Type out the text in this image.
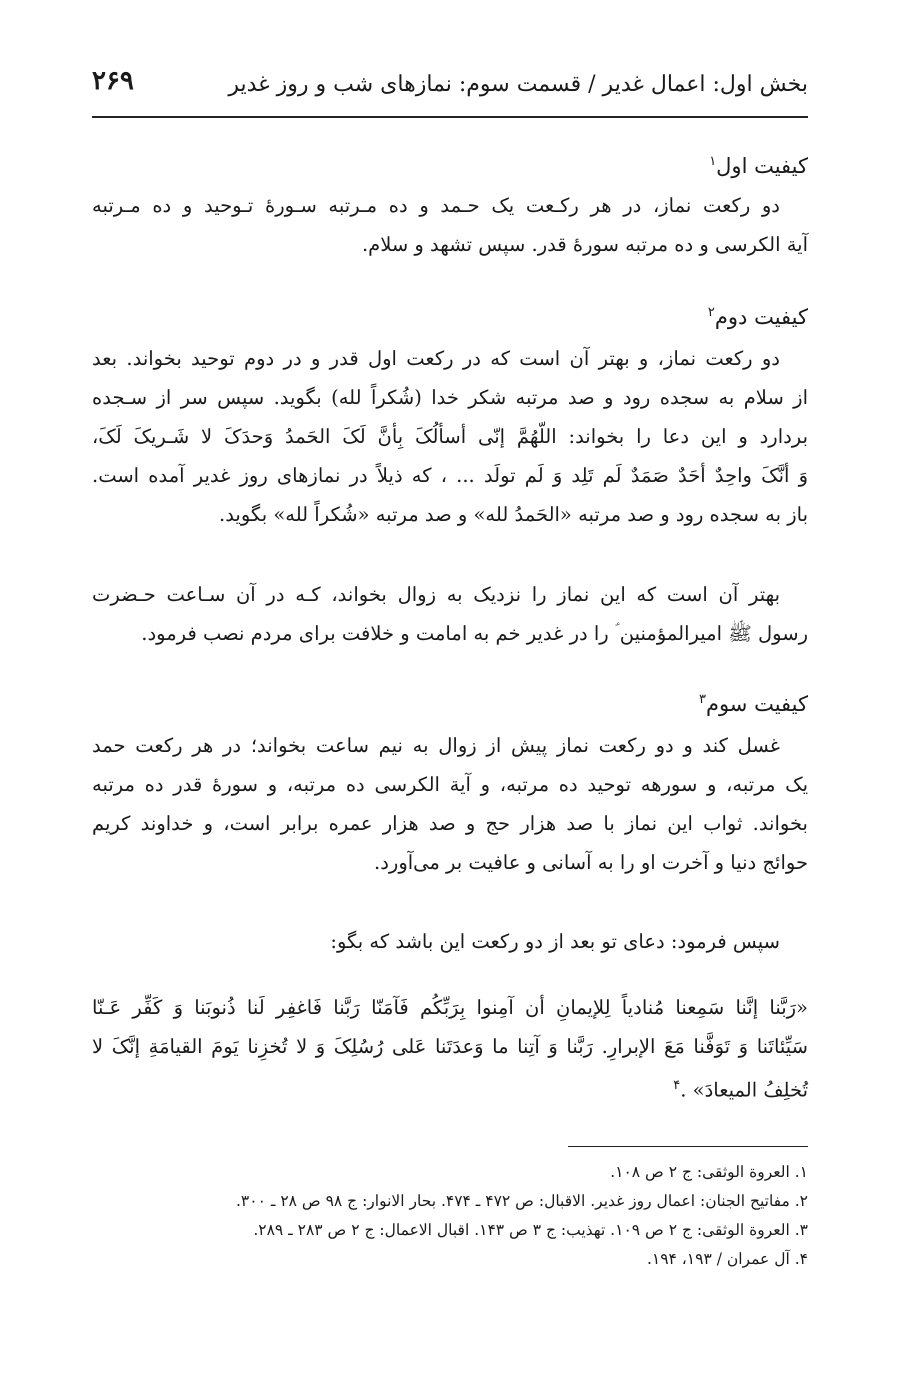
بخش اول: اعمال غدیر / قسمت سوم: نمازهای شب و روز غدیر
۲۶۹
کیفیت اول$^۱$
دو رکعت نماز، در هر رکـعت یک حـمد و ده مـرتبه سـورهٔ تـوحید و ده مـرتبه
آیة الکرسی و ده مرتبه سورهٔ قدر. سپس تشهد و سلام.
کیفیت دوم$^۲$
دو رکعت نماز، و بهتر آن است که در رکعت اول قدر و در دوم توحید بخواند. بعد
از سلام به سجده رود و صد مرتبه شکر خدا (شُکراً لله) بگوید. سپس سر از سـجده
بردارد و این دعا را بخواند: اللّهُمَّ إنّی أسألُکَ بِأنَّ لَکَ الحَمدُ وَحدَکَ لا شَـریکَ لَکَ،
وَ أنَّکَ واحِدٌ أحَدٌ صَمَدٌ لَم تَلِد وَ لَم تولَد ... ، که ذیلاً در نمازهای روز غدیر آمده است.
باز به سجده رود و صد مرتبه «الحَمدُ لله» و صد مرتبه «شُکراً لله» بگوید.
بهتر آن است که این نماز را نزدیک به زوال بخواند، کـه در آن سـاعت حـضرت
رسول ﷺ امیرالمؤمنین ؑ را در غدیر خم به امامت و خلافت برای مردم نصب فرمود.
کیفیت سوم$^۳$
غسل کند و دو رکعت نماز پیش از زوال به نیم ساعت بخواند؛ در هر رکعت حمد
یک مرتبه، و سورهه توحید ده مرتبه، و آیة الکرسی ده مرتبه، و سورهٔ قدر ده مرتبه
بخواند. ثواب این نماز با صد هزار حج و صد هزار عمره برابر است، و خداوند کریم
حوائج دنیا و آخرت او را به آسانی و عافیت بر می‌آورد.
سپس فرمود: دعای تو بعد از دو رکعت این باشد که بگو:
«رَبَّنا إنَّنا سَمِعنا مُنادیاً لِلإیمانِ أن آمِنوا بِرَبِّکُم فَآمَنّا رَبَّنا فَاغفِر لَنا ذُنوبَنا وَ کَفِّر عَـنّا
سَیِّئاتَنا وَ تَوَفَّنا مَعَ الإبرارِ. رَبَّنا وَ آتِنا ما وَعدَتَنا عَلی رُسُلِکَ وَ لا تُخزِنا یَومَ القیامَةِ إنَّکَ لا
تُخلِفُ المیعادَ» .$^۴$
۱. العروة الوثقی: ج ۲ ص ۱۰۸.
۲. مفاتیح الجنان: اعمال روز غدیر. الاقبال: ص ۴۷۲ ـ ۴۷۴. بحار الانوار: ج ۹۸ ص ۲۸ ـ ۳۰۰.
۳. العروة الوثقی: ج ۲ ص ۱۰۹. تهذیب: ج ۳ ص ۱۴۳. اقبال الاعمال: ج ۲ ص ۲۸۳ ـ ۲۸۹.
۴. آل عمران / ۱۹۳، ۱۹۴.
